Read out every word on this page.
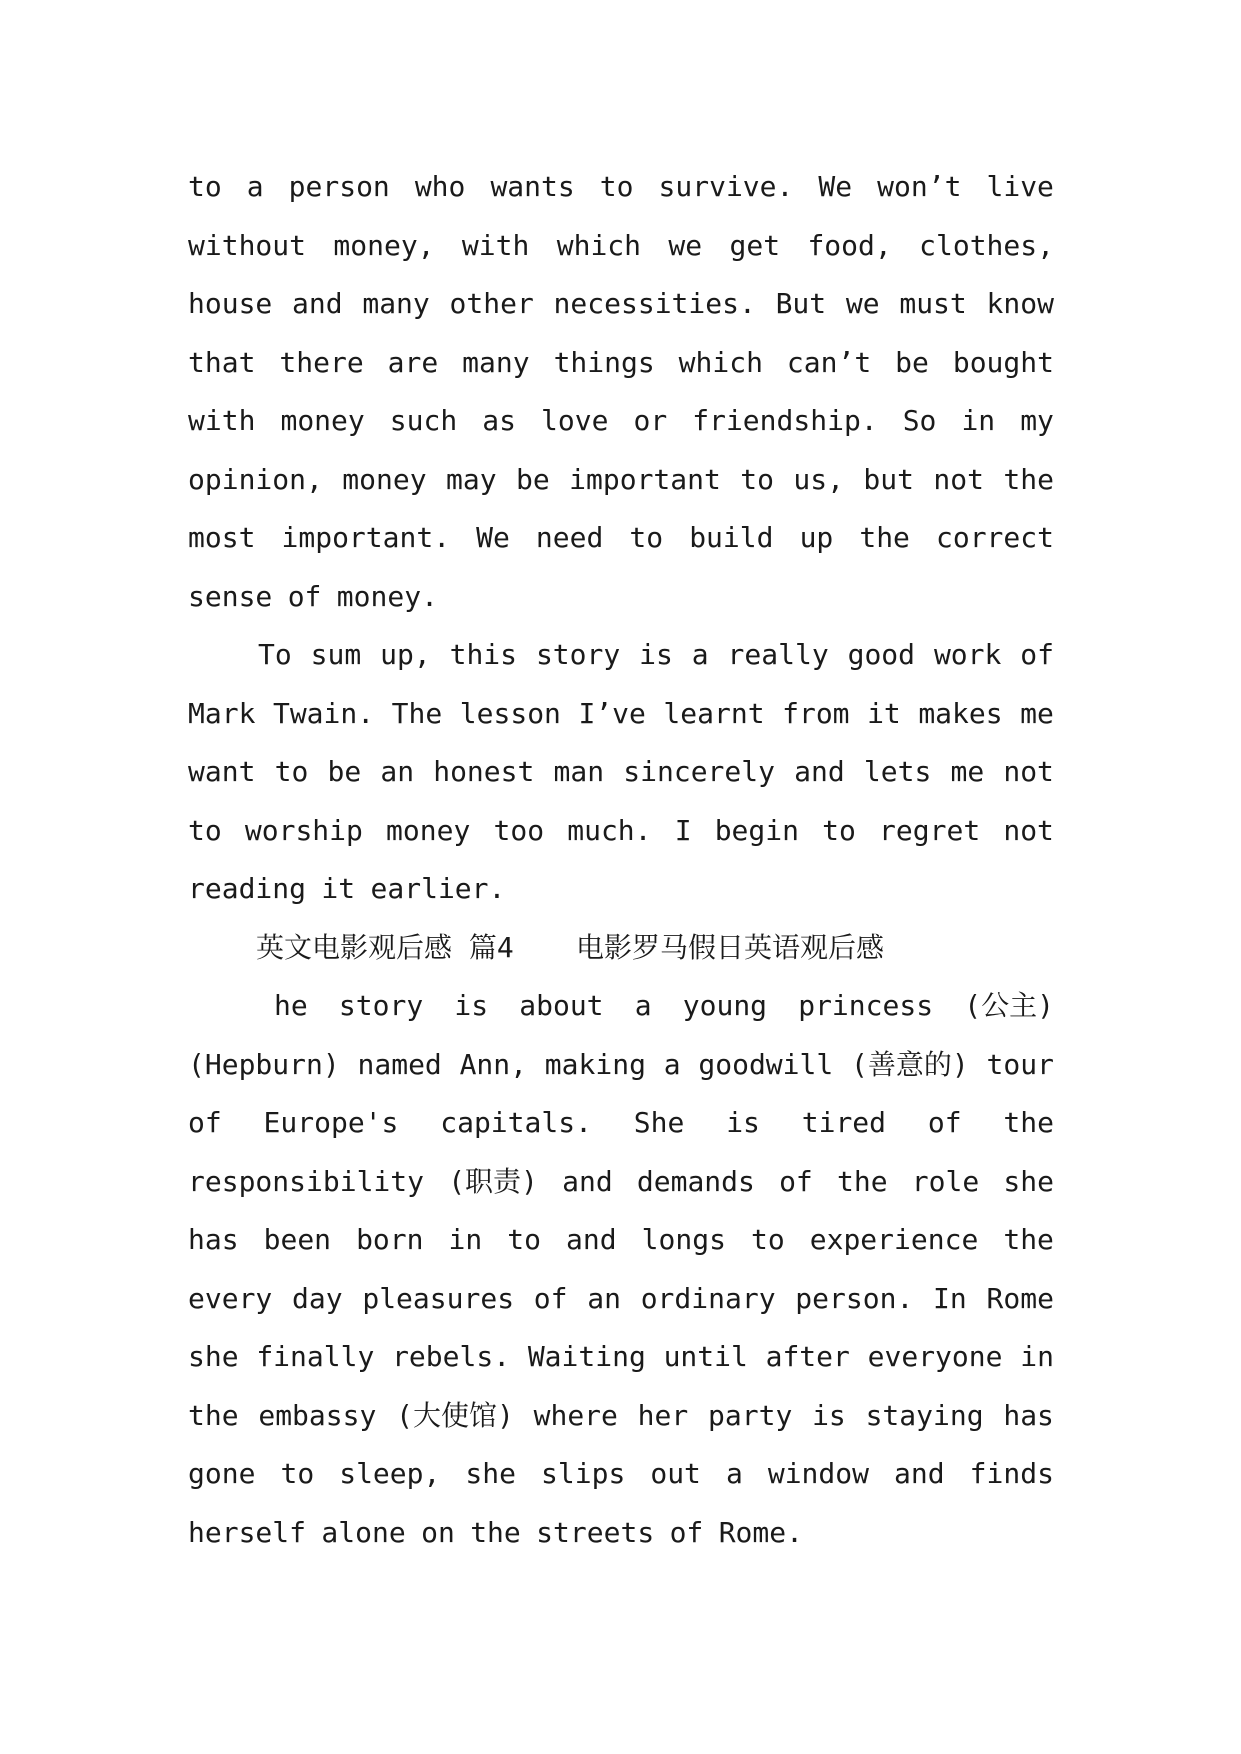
to a person who wants to survive. We won’t live
without money, with which we get food, clothes,
house and many other necessities. But we must know
that there are many things which can’t be bought
with money such as love or friendship. So in my
opinion, money may be important to us, but not the
most important. We need to build up the correct
sense of money.
To sum up, this story is a really good work of
Mark Twain. The lesson I’ve learnt from it makes me
want to be an honest man sincerely and lets me not
to worship money too much. I begin to regret not
reading it earlier.
英文电影观后感 篇4	电影罗马假日英语观后感
he story is about a young princess (公主)
(Hepburn) named Ann, making a goodwill (善意的) tour
of Europe's capitals. She is tired of the
responsibility (职责) and demands of the role she
has been born in to and longs to experience the
every day pleasures of an ordinary person. In Rome
she finally rebels. Waiting until after everyone in
the embassy (大使馆) where her party is staying has
gone to sleep, she slips out a window and finds
herself alone on the streets of Rome.
